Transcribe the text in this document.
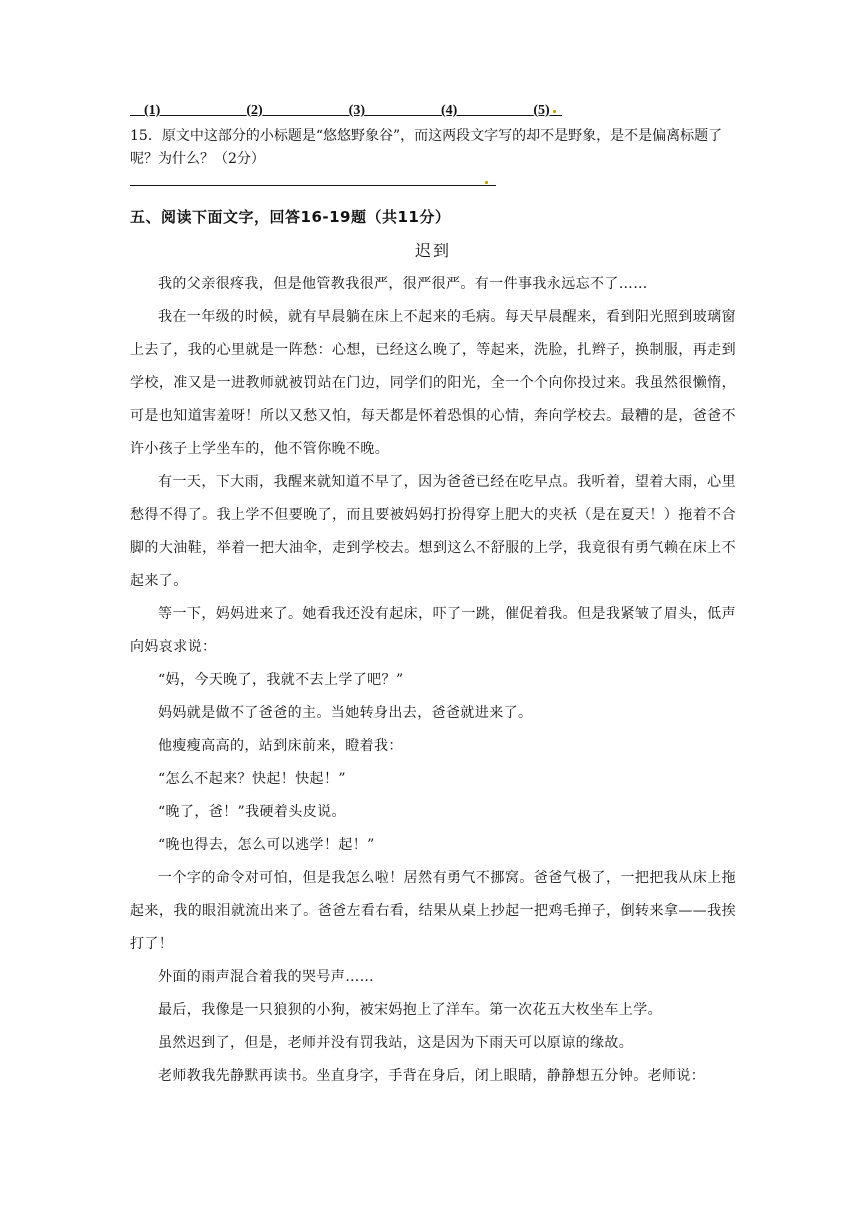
(1)	(2)	(3)	(4)	(5)
15．原文中这部分的小标题是“悠悠野象谷”，而这两段文字写的却不是野象，是不是偏离标题了呢？为什么？（2分）
五、阅读下面文字，回答16-19题（共11分）
迟到

我的父亲很疼我，但是他管教我很严，很严很严。有一件事我永远忘不了……

我在一年级的时候，就有早晨躺在床上不起来的毛病。每天早晨醒来，看到阳光照到玻璃窗上去了，我的心里就是一阵愁：心想，已经这么晚了，等起来，洗脸，扎辫子，换制服，再走到学校，准又是一进教师就被罚站在门边，同学们的阳光，全一个个向你投过来。我虽然很懒惰，可是也知道害羞呀！所以又愁又怕，每天都是怀着恐惧的心情，奔向学校去。最糟的是，爸爸不许小孩子上学坐车的，他不管你晚不晚。

有一天，下大雨，我醒来就知道不早了，因为爸爸已经在吃早点。我听着，望着大雨，心里愁得不得了。我上学不但要晚了，而且要被妈妈打扮得穿上肥大的夹袄（是在夏天！）拖着不合脚的大油鞋，举着一把大油伞，走到学校去。想到这么不舒服的上学，我竟很有勇气赖在床上不起来了。

等一下，妈妈进来了。她看我还没有起床，吓了一跳，催促着我。但是我紧皱了眉头，低声向妈哀求说：

“妈，今天晚了，我就不去上学了吧？”

妈妈就是做不了爸爸的主。当她转身出去，爸爸就进来了。

他瘦瘦高高的，站到床前来，瞪着我：

“怎么不起来？快起！快起！”

“晚了，爸！”我硬着头皮说。

“晚也得去，怎么可以逃学！起！”

一个字的命令对可怕，但是我怎么啦！居然有勇气不挪窝。爸爸气极了，一把把我从床上拖起来，我的眼泪就流出来了。爸爸左看右看，结果从桌上抄起一把鸡毛掸子，倒转来拿——我挨打了！

外面的雨声混合着我的哭号声……

最后，我像是一只狼狈的小狗，被宋妈抱上了洋车。第一次花五大枚坐车上学。

虽然迟到了，但是，老师并没有罚我站，这是因为下雨天可以原谅的缘故。

老师教我先静默再读书。坐直身字，手背在身后，闭上眼睛，静静想五分钟。老师说：
